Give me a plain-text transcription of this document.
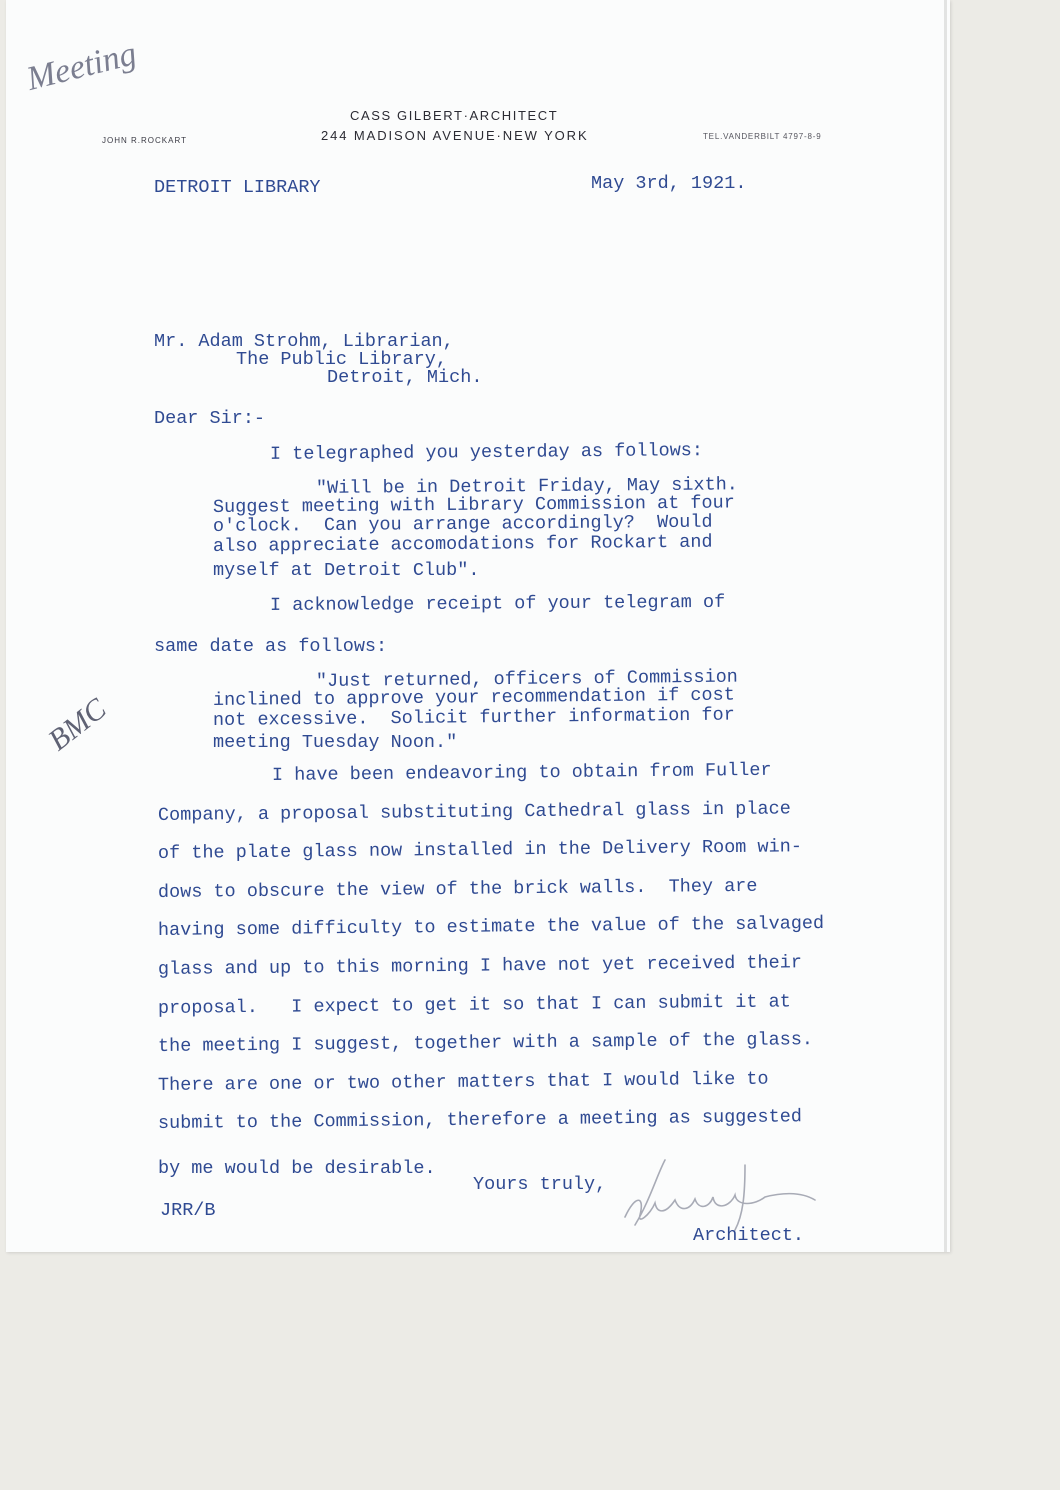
Meeting
CASS GILBERT·ARCHITECT
244 MADISON AVENUE·NEW YORK
JOHN R.ROCKART	TEL.VANDERBILT 4797-8-9
DETROIT LIBRARY	May 3rd, 1921.
Mr. Adam Strohm, Librarian,
The Public Library,
Detroit, Mich.
Dear Sir:-
I telegraphed you yesterday as follows:
"Will be in Detroit Friday, May sixth.
Suggest meeting with Library Commission at four
o'clock.  Can you arrange accordingly?  Would
also appreciate accomodations for Rockart and
myself at Detroit Club".
I acknowledge receipt of your telegram of
same date as follows:
BMC
"Just returned, officers of Commission
inclined to approve your recommendation if cost
not excessive.  Solicit further information for
meeting Tuesday Noon."
I have been endeavoring to obtain from Fuller
Company, a proposal substituting Cathedral glass in place
of the plate glass now installed in the Delivery Room win-
dows to obscure the view of the brick walls.  They are
having some difficulty to estimate the value of the salvaged
glass and up to this morning I have not yet received their
proposal.   I expect to get it so that I can submit it at
the meeting I suggest, together with a sample of the glass.
There are one or two other matters that I would like to
submit to the Commission, therefore a meeting as suggested
by me would be desirable.
Yours truly,
JRR/B
Architect.
